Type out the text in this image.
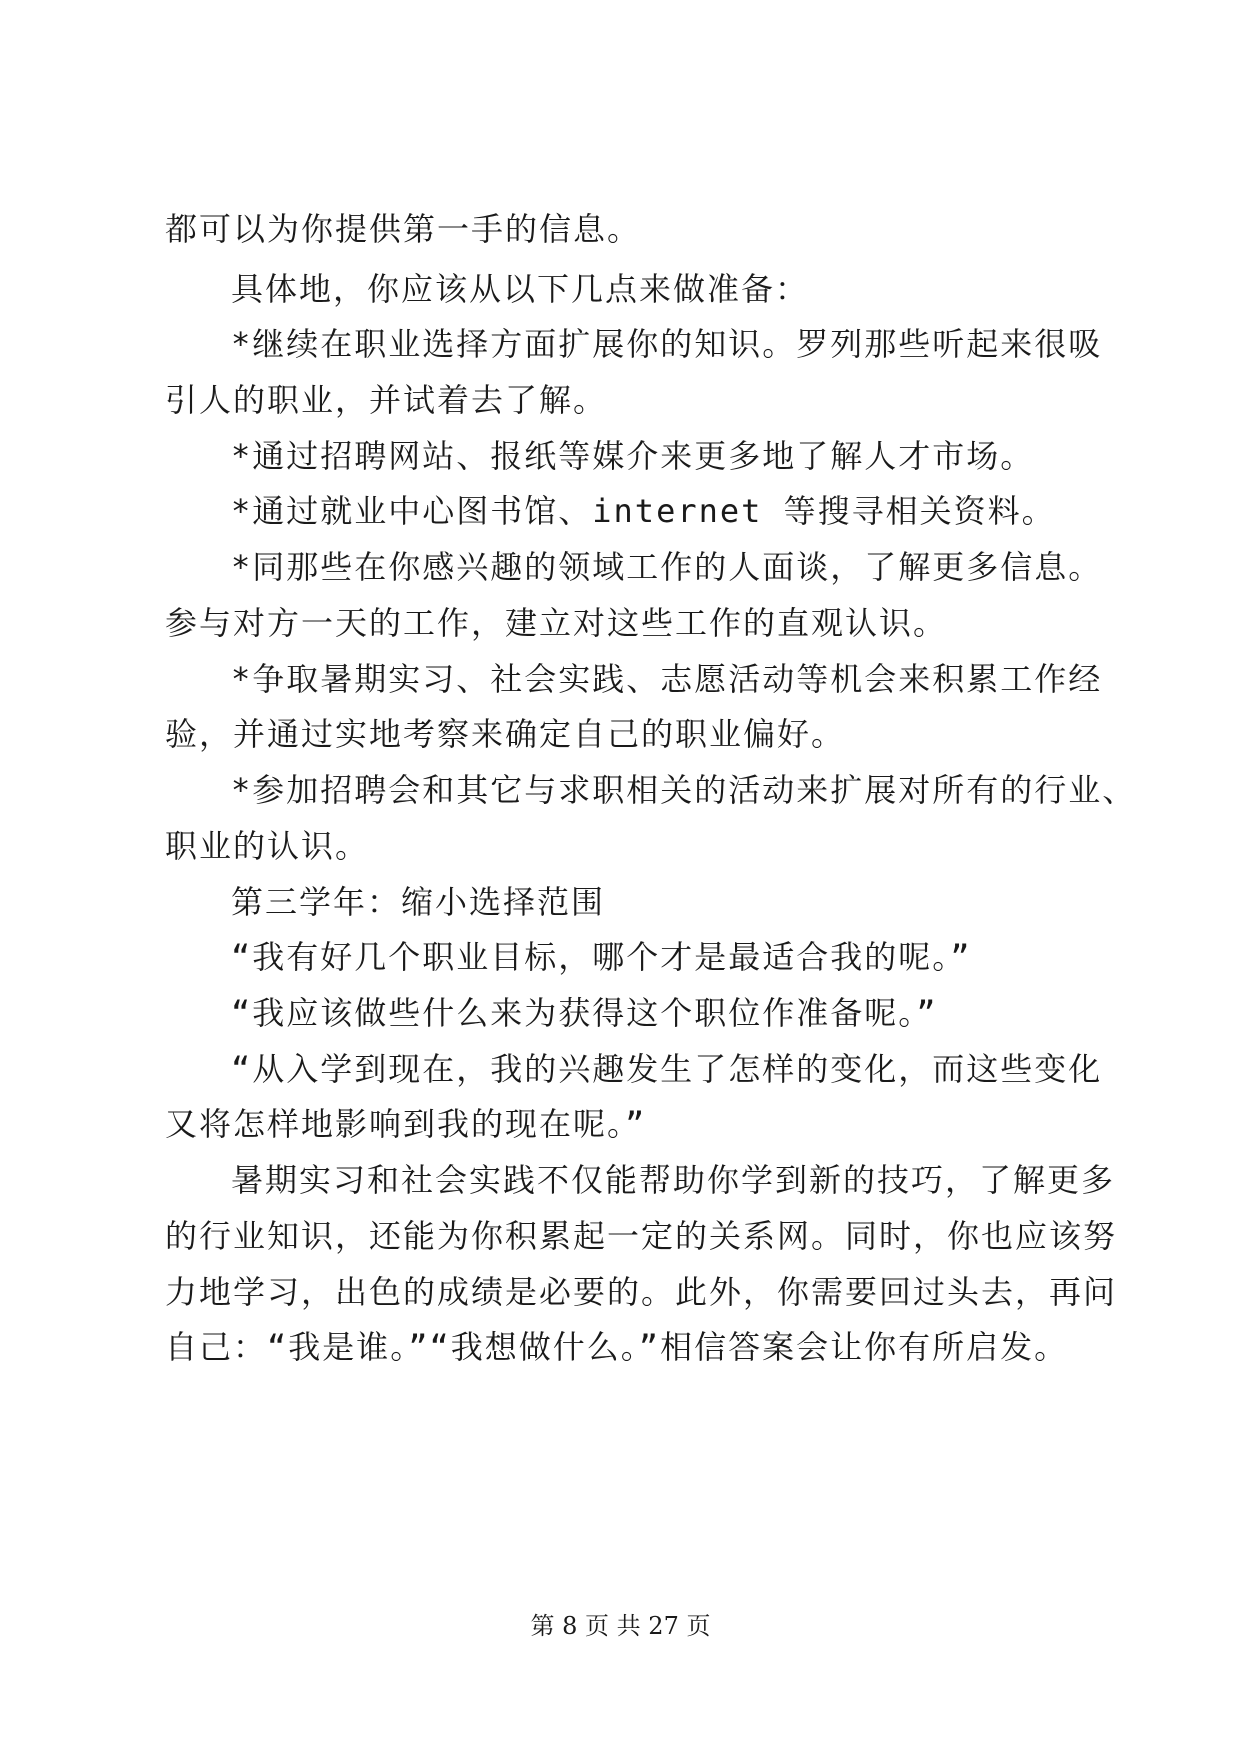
都可以为你提供第一手的信息。
具体地，你应该从以下几点来做准备：
*继续在职业选择方面扩展你的知识。罗列那些听起来很吸
引人的职业，并试着去了解。
*通过招聘网站、报纸等媒介来更多地了解人才市场。
*通过就业中心图书馆、internet 等搜寻相关资料。
*同那些在你感兴趣的领域工作的人面谈，了解更多信息。
参与对方一天的工作，建立对这些工作的直观认识。
*争取暑期实习、社会实践、志愿活动等机会来积累工作经
验，并通过实地考察来确定自己的职业偏好。
*参加招聘会和其它与求职相关的活动来扩展对所有的行业、
职业的认识。
第三学年：缩小选择范围
“我有好几个职业目标，哪个才是最适合我的呢。”
“我应该做些什么来为获得这个职位作准备呢。”
“从入学到现在，我的兴趣发生了怎样的变化，而这些变化
又将怎样地影响到我的现在呢。”
暑期实习和社会实践不仅能帮助你学到新的技巧，了解更多
的行业知识，还能为你积累起一定的关系网。同时，你也应该努
力地学习，出色的成绩是必要的。此外，你需要回过头去，再问
自己：“我是谁。”“我想做什么。”相信答案会让你有所启发。
第 8 页 共 27 页
